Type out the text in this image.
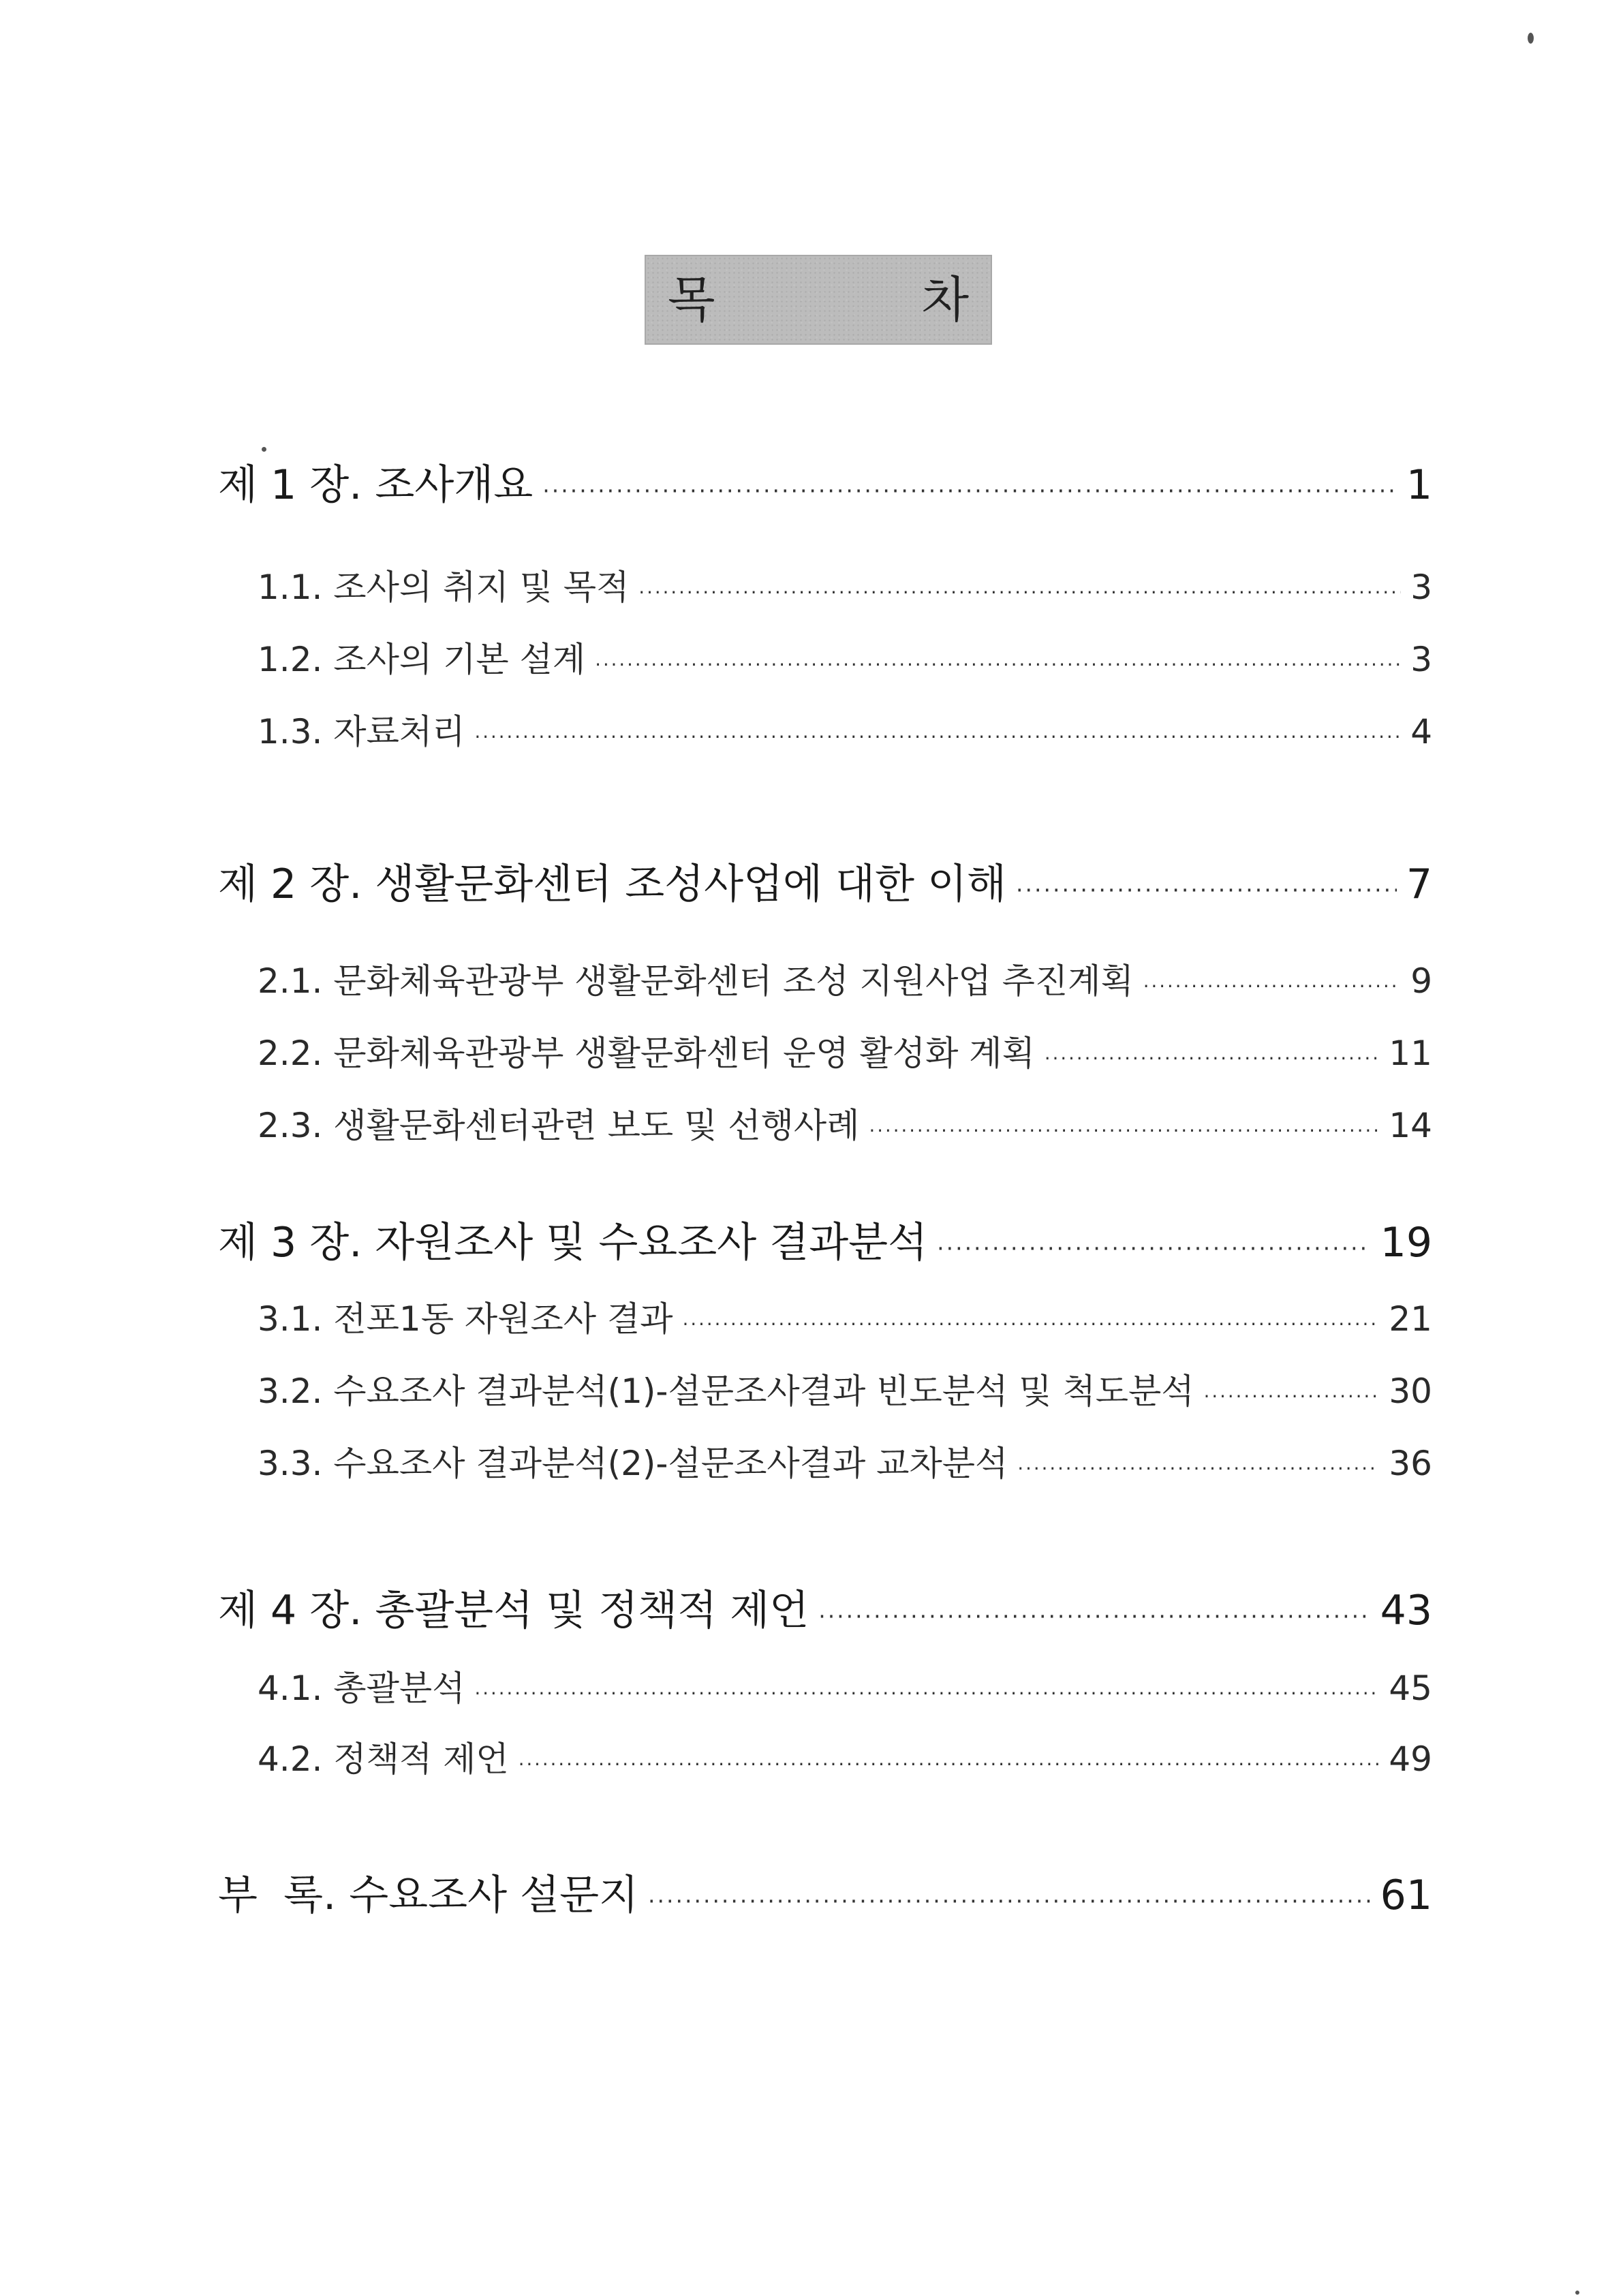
목 차
제 1 장. 조사개요 ·····	1
1.1. 조사의 취지 및 목적 ·····	3
1.2. 조사의 기본 설계 ·····	3
1.3. 자료처리 ·····	4
제 2 장. 생활문화센터 조성사업에 대한 이해 ·····	7
2.1. 문화체육관광부 생활문화센터 조성 지원사업 추진계획 ·····	9
2.2. 문화체육관광부 생활문화센터 운영 활성화 계획 ·····	11
2.3. 생활문화센터관련 보도 및 선행사례 ·····	14
제 3 장. 자원조사 및 수요조사 결과분석 ·····	19
3.1. 전포1동 자원조사 결과 ·····	21
3.2. 수요조사 결과분석(1)-설문조사결과 빈도분석 및 척도분석 ·····	30
3.3. 수요조사 결과분석(2)-설문조사결과 교차분석 ·····	36
제 4 장. 총괄분석 및 정책적 제언 ·····	43
4.1. 총괄분석 ·····	45
4.2. 정책적 제언 ·····	49
부  록. 수요조사 설문지 ·····	61
